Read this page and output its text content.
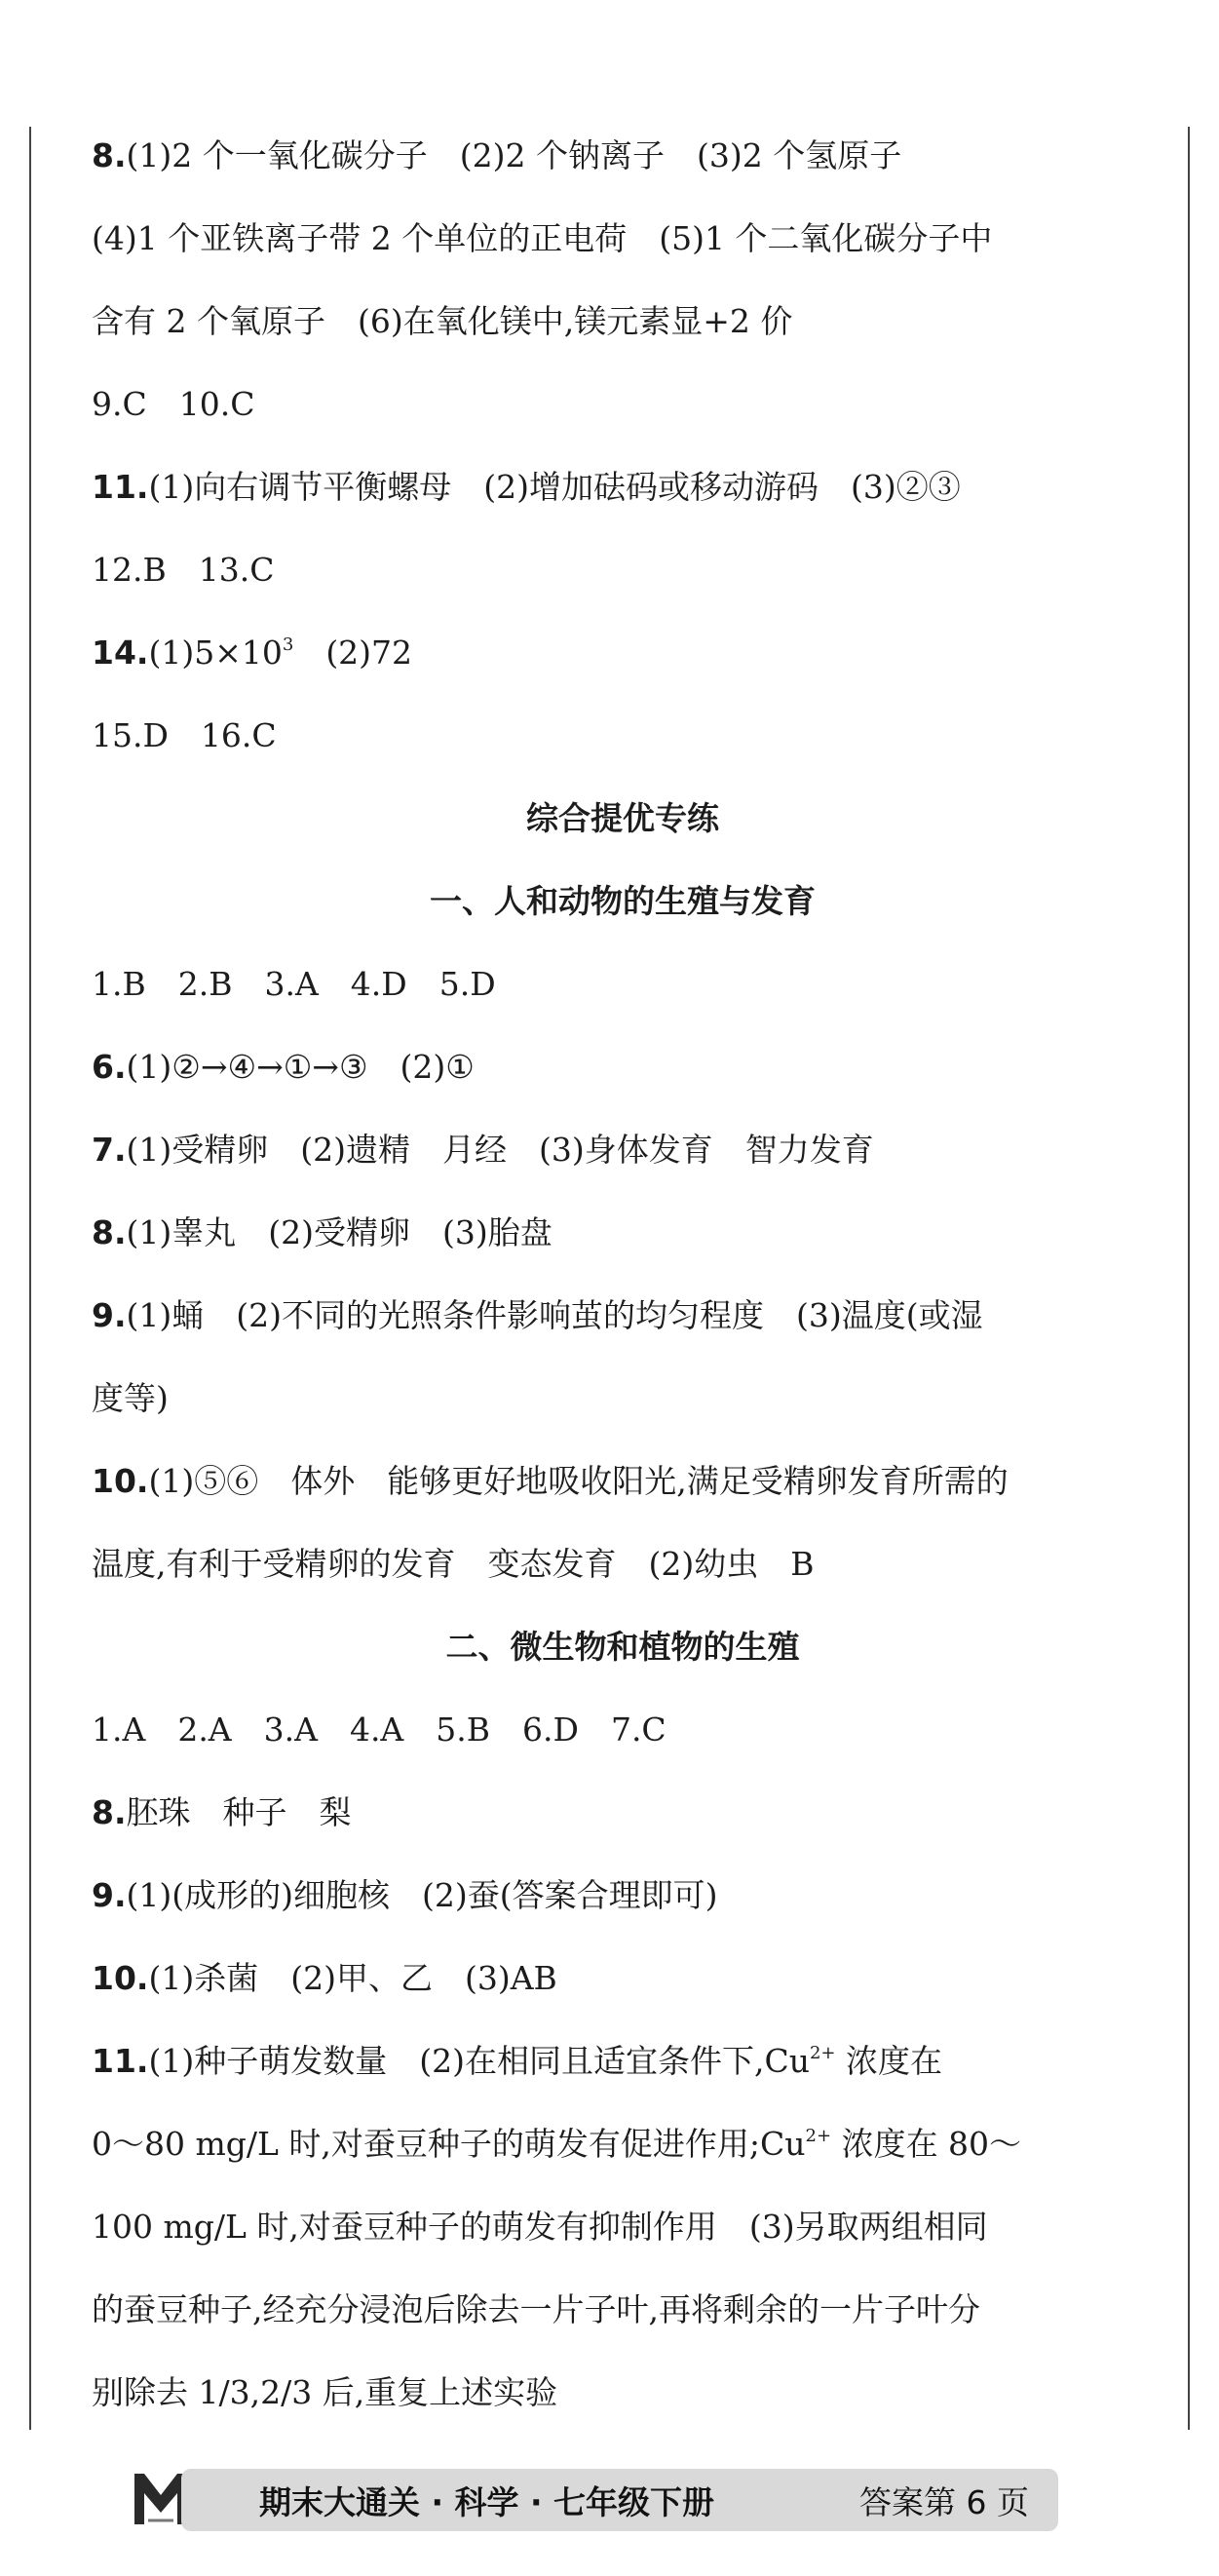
8.(1)2 个一氧化碳分子　(2)2 个钠离子　(3)2 个氢原子
(4)1 个亚铁离子带 2 个单位的正电荷　(5)1 个二氧化碳分子中
含有 2 个氧原子　(6)在氧化镁中,镁元素显+2 价
9.C　10.C
11.(1)向右调节平衡螺母　(2)增加砝码或移动游码　(3)②③
12.B　13.C
$14.(1)5\times 10^3$　(2)72
15.D　16.C
综合提优专练
一、人和动物的生殖与发育
1.B　2.B　3.A　4.D　5.D
6.(1)②→④→①→③　(2)①
7.(1)受精卵　(2)遗精　月经　(3)身体发育　智力发育
8.(1)睾丸　(2)受精卵　(3)胎盘
9.(1)蛹　(2)不同的光照条件影响茧的均匀程度　(3)温度(或湿
度等)
10.(1)⑤⑥　体外　能够更好地吸收阳光,满足受精卵发育所需的
温度,有利于受精卵的发育　变态发育　(2)幼虫　B
二、微生物和植物的生殖
1.A　2.A　3.A　4.A　5.B　6.D　7.C
8.胚珠　种子　梨
9.(1)(成形的)细胞核　(2)蚕(答案合理即可)
10.(1)杀菌　(2)甲、乙　(3)AB
11.(1)种子萌发数量　(2)在相同且适宜条件下$,Cu^{2+}$ 浓度在
0～80 mg/L 时,对蚕豆种子的萌发有促进作用$;Cu^{2+}$ 浓度在 80～
100 mg/L 时,对蚕豆种子的萌发有抑制作用　(3)另取两组相同
的蚕豆种子,经充分浸泡后除去一片子叶,再将剩余的一片子叶分
别除去 1/3,2/3 后,重复上述实验
期末大通关 · 科学 · 七年级下册	答案第 6 页
